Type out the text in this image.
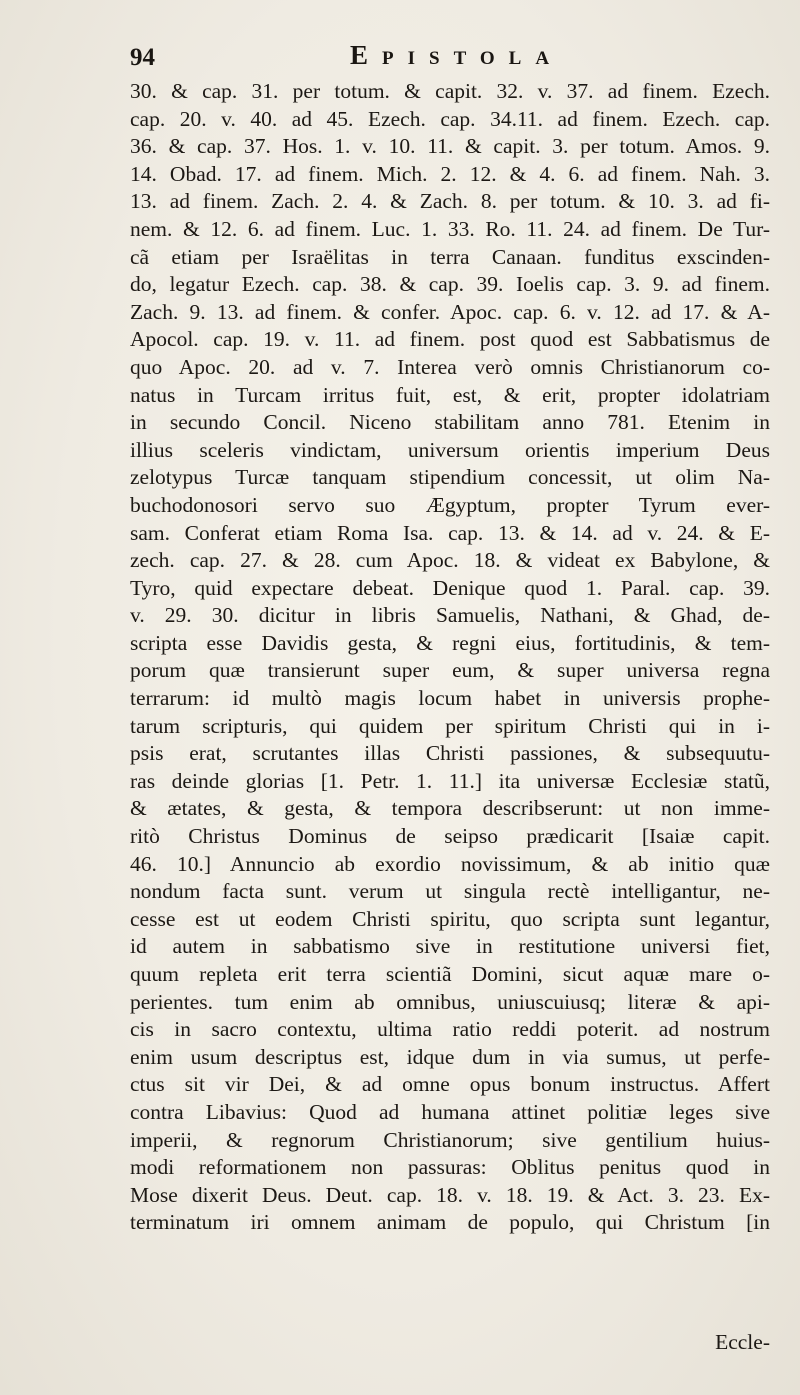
94	Epistola
30. & cap. 31. per totum. & capit. 32. v. 37. ad finem. Ezech.
cap. 20. v. 40. ad 45. Ezech. cap. 34.11. ad finem. Ezech. cap.
36. & cap. 37. Hos. 1. v. 10. 11. & capit. 3. per totum. Amos. 9.
14. Obad. 17. ad finem. Mich. 2. 12. & 4. 6. ad finem. Nah. 3.
13. ad finem. Zach. 2. 4. & Zach. 8. per totum. & 10. 3. ad fi-
nem. & 12. 6. ad finem. Luc. 1. 33. Ro. 11. 24. ad finem. De Tur-
cã etiam per Israëlitas in terra Canaan. funditus exscinden-
do, legatur Ezech. cap. 38. & cap. 39. Ioelis cap. 3. 9. ad finem.
Zach. 9. 13. ad finem. & confer. Apoc. cap. 6. v. 12. ad 17. & A-
Apocol. cap. 19. v. 11. ad finem. post quod est Sabbatismus de
quo Apoc. 20. ad v. 7. Interea verò omnis Christianorum co-
natus in Turcam irritus fuit, est, & erit, propter idolatriam
in secundo Concil. Niceno stabilitam anno 781. Etenim in
illius sceleris vindictam, universum orientis imperium Deus
zelotypus Turcæ tanquam stipendium concessit, ut olim Na-
buchodonosori servo suo Ægyptum, propter Tyrum ever-
sam. Conferat etiam Roma Isa. cap. 13. & 14. ad v. 24. & E-
zech. cap. 27. & 28. cum Apoc. 18. & videat ex Babylone, &
Tyro, quid expectare debeat. Denique quod 1. Paral. cap. 39.
v. 29. 30. dicitur in libris Samuelis, Nathani, & Ghad, de-
scripta esse Davidis gesta, & regni eius, fortitudinis, & tem-
porum quæ transierunt super eum, & super universa regna
terrarum: id multò magis locum habet in universis prophe-
tarum scripturis, qui quidem per spiritum Christi qui in i-
psis erat, scrutantes illas Christi passiones, & subsequutu-
ras deinde glorias [1. Petr. 1. 11.] ita universæ Ecclesiæ statũ,
& ætates, & gesta, & tempora describserunt: ut non imme-
ritò Christus Dominus de seipso prædicarit [Isaiæ capit.
46. 10.] Annuncio ab exordio novissimum, & ab initio quæ
nondum facta sunt. verum ut singula rectè intelligantur, ne-
cesse est ut eodem Christi spiritu, quo scripta sunt legantur,
id autem in sabbatismo sive in restitutione universi fiet,
quum repleta erit terra scientiã Domini, sicut aquæ mare o-
perientes. tum enim ab omnibus, uniuscuiusq; literæ & api-
cis in sacro contextu, ultima ratio reddi poterit. ad nostrum
enim usum descriptus est, idque dum in via sumus, ut perfe-
ctus sit vir Dei, & ad omne opus bonum instructus. Affert
contra Libavius: Quod ad humana attinet politiæ leges sive
imperii, & regnorum Christianorum; sive gentilium huius-
modi reformationem non passuras: Oblitus penitus quod in
Mose dixerit Deus. Deut. cap. 18. v. 18. 19. & Act. 3. 23. Ex-
terminatum iri omnem animam de populo, qui Christum [in
Eccle-
